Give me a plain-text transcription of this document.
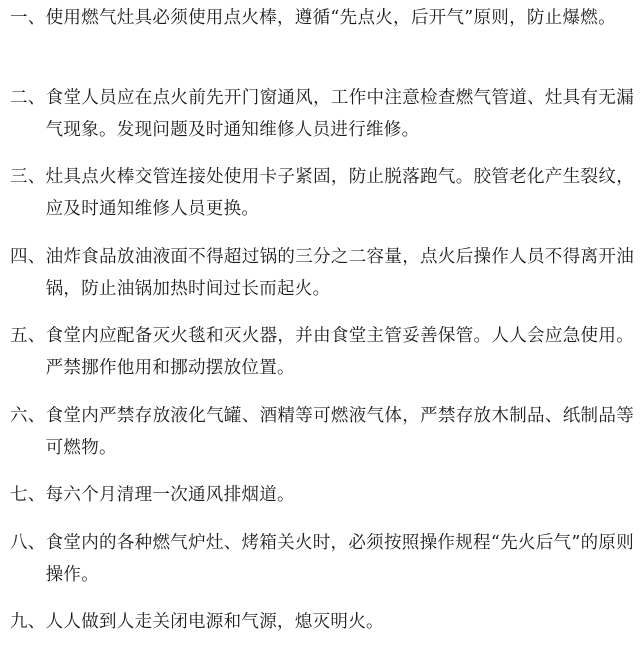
一、 使用燃气灶具必须使用点火棒，遵循“先点火，后开气”原则，防止爆燃。
二、 食堂人员应在点火前先开门窗通风，工作中注意检查燃气管道、灶具有无漏气现象。发现问题及时通知维修人员进行维修。
三、 灶具点火棒交管连接处使用卡子紧固，防止脱落跑气。胶管老化产生裂纹，应及时通知维修人员更换。
四、 油炸食品放油液面不得超过锅的三分之二容量，点火后操作人员不得离开油锅，防止油锅加热时间过长而起火。
五、 食堂内应配备灭火毯和灭火器，并由食堂主管妥善保管。人人会应急使用。严禁挪作他用和挪动摆放位置。
六、 食堂内严禁存放液化气罐、酒精等可燃液气体，严禁存放木制品、纸制品等可燃物。
七、 每六个月清理一次通风排烟道。
八、 食堂内的各种燃气炉灶、烤箱关火时，必须按照操作规程“先火后气”的原则操作。
九、 人人做到人走关闭电源和气源，熄灭明火。
